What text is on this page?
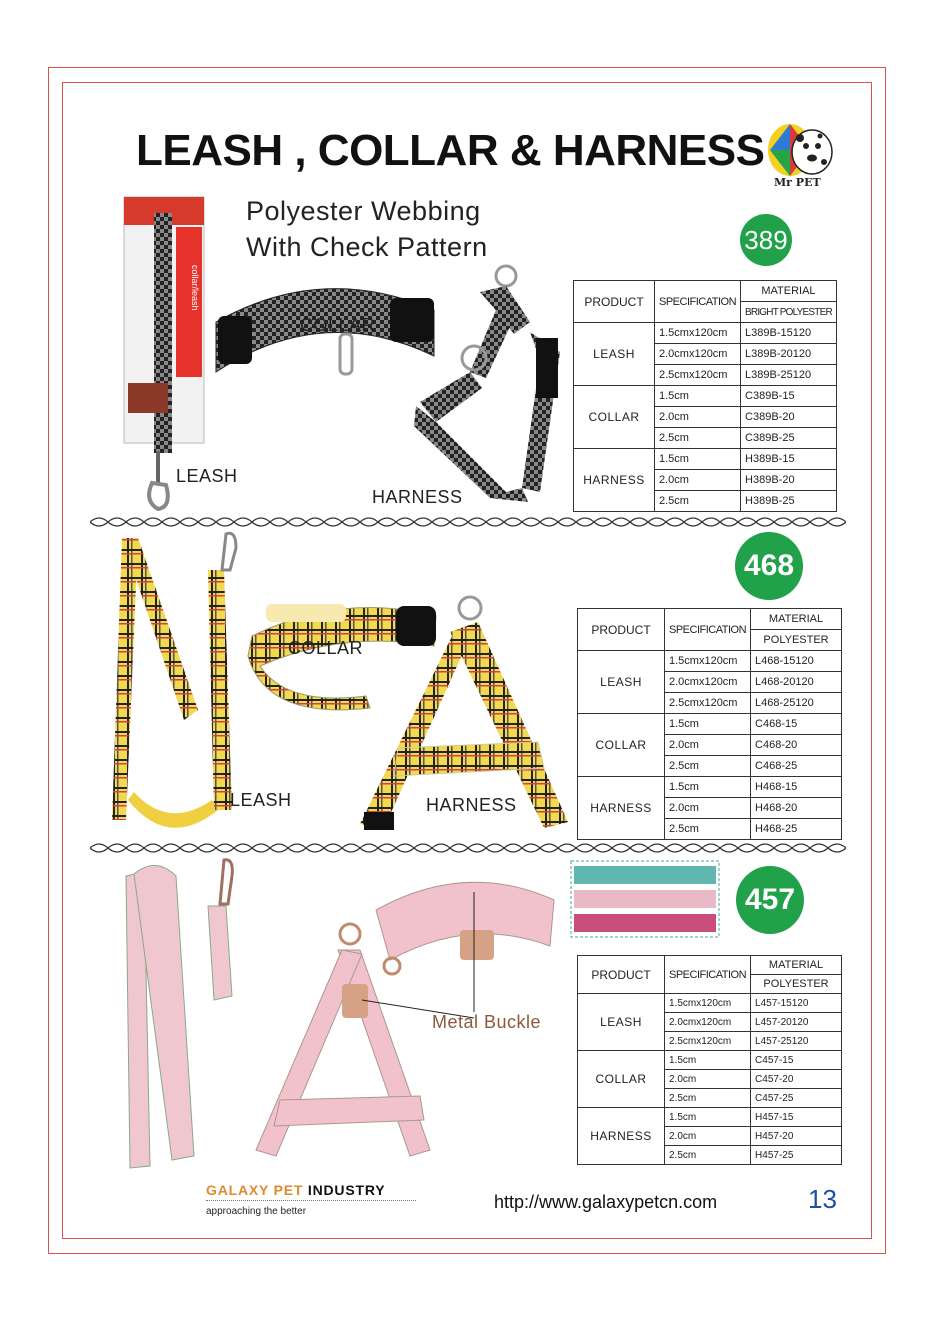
LEASH , COLLAR & HARNESS
Mr PET
Polyester Webbing
With Check Pattern	389
collar/leash
LEASH
COLLAR
HARNESS
PRODUCT	SPECIFICATION	MATERIAL
		BRIGHT POLYESTER
LEASH	1.5cmx120cm	L389B-15120
	2.0cmx120cm	L389B-20120
	2.5cmx120cm	L389B-25120
COLLAR	1.5cm	C389B-15
	2.0cm	C389B-20
	2.5cm	C389B-25
HARNESS	1.5cm	H389B-15
	2.0cm	H389B-20
	2.5cm	H389B-25
468
LEASH
COLLAR
HARNESS
PRODUCT	SPECIFICATION	MATERIAL
		POLYESTER
LEASH	1.5cmx120cm	L468-15120
	2.0cmx120cm	L468-20120
	2.5cmx120cm	L468-25120
COLLAR	1.5cm	C468-15
	2.0cm	C468-20
	2.5cm	C468-25
HARNESS	1.5cm	H468-15
	2.0cm	H468-20
	2.5cm	H468-25
457
Metal Buckle
PRODUCT	SPECIFICATION	MATERIAL
		POLYESTER
LEASH	1.5cmx120cm	L457-15120
	2.0cmx120cm	L457-20120
	2.5cmx120cm	L457-25120
COLLAR	1.5cm	C457-15
	2.0cm	C457-20
	2.5cm	C457-25
HARNESS	1.5cm	H457-15
	2.0cm	H457-20
	2.5cm	H457-25
GALAXY PET INDUSTRY
approaching the better	http://www.galaxypetcn.com	13
